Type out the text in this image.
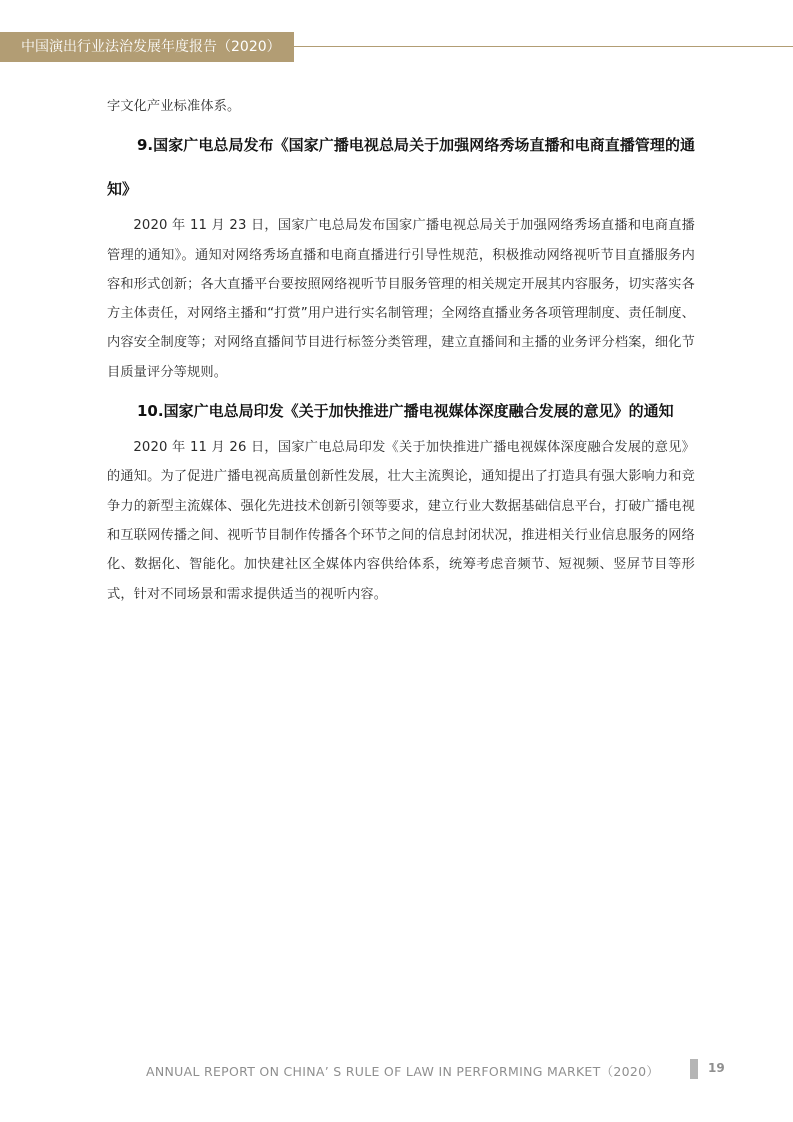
中国演出行业法治发展年度报告（2020）

字文化产业标准体系。

9.国家广电总局发布《国家广播电视总局关于加强网络秀场直播和电商直播管理的通知》

2020 年 11 月 23 日，国家广电总局发布国家广播电视总局关于加强网络秀场直播和电商直播管理的通知》。通知对网络秀场直播和电商直播进行引导性规范，积极推动网络视听节目直播服务内容和形式创新；各大直播平台要按照网络视听节目服务管理的相关规定开展其内容服务，切实落实各方主体责任，对网络主播和“打赏”用户进行实名制管理；全网络直播业务各项管理制度、责任制度、内容安全制度等；对网络直播间节目进行标签分类管理，建立直播间和主播的业务评分档案，细化节目质量评分等规则。

10.国家广电总局印发《关于加快推进广播电视媒体深度融合发展的意见》的通知

2020 年 11 月 26 日，国家广电总局印发《关于加快推进广播电视媒体深度融合发展的意见》的通知。为了促进广播电视高质量创新性发展，壮大主流舆论，通知提出了打造具有强大影响力和竞争力的新型主流媒体、强化先进技术创新引领等要求，建立行业大数据基础信息平台，打破广播电视和互联网传播之间、视听节目制作传播各个环节之间的信息封闭状况，推进相关行业信息服务的网络化、数据化、智能化。加快建社区全媒体内容供给体系，统筹考虑音频节、短视频、竖屏节目等形式，针对不同场景和需求提供适当的视听内容。

ANNUAL REPORT ON CHINA’ S RULE OF LAW IN PERFORMING MARKET（2020）	19
